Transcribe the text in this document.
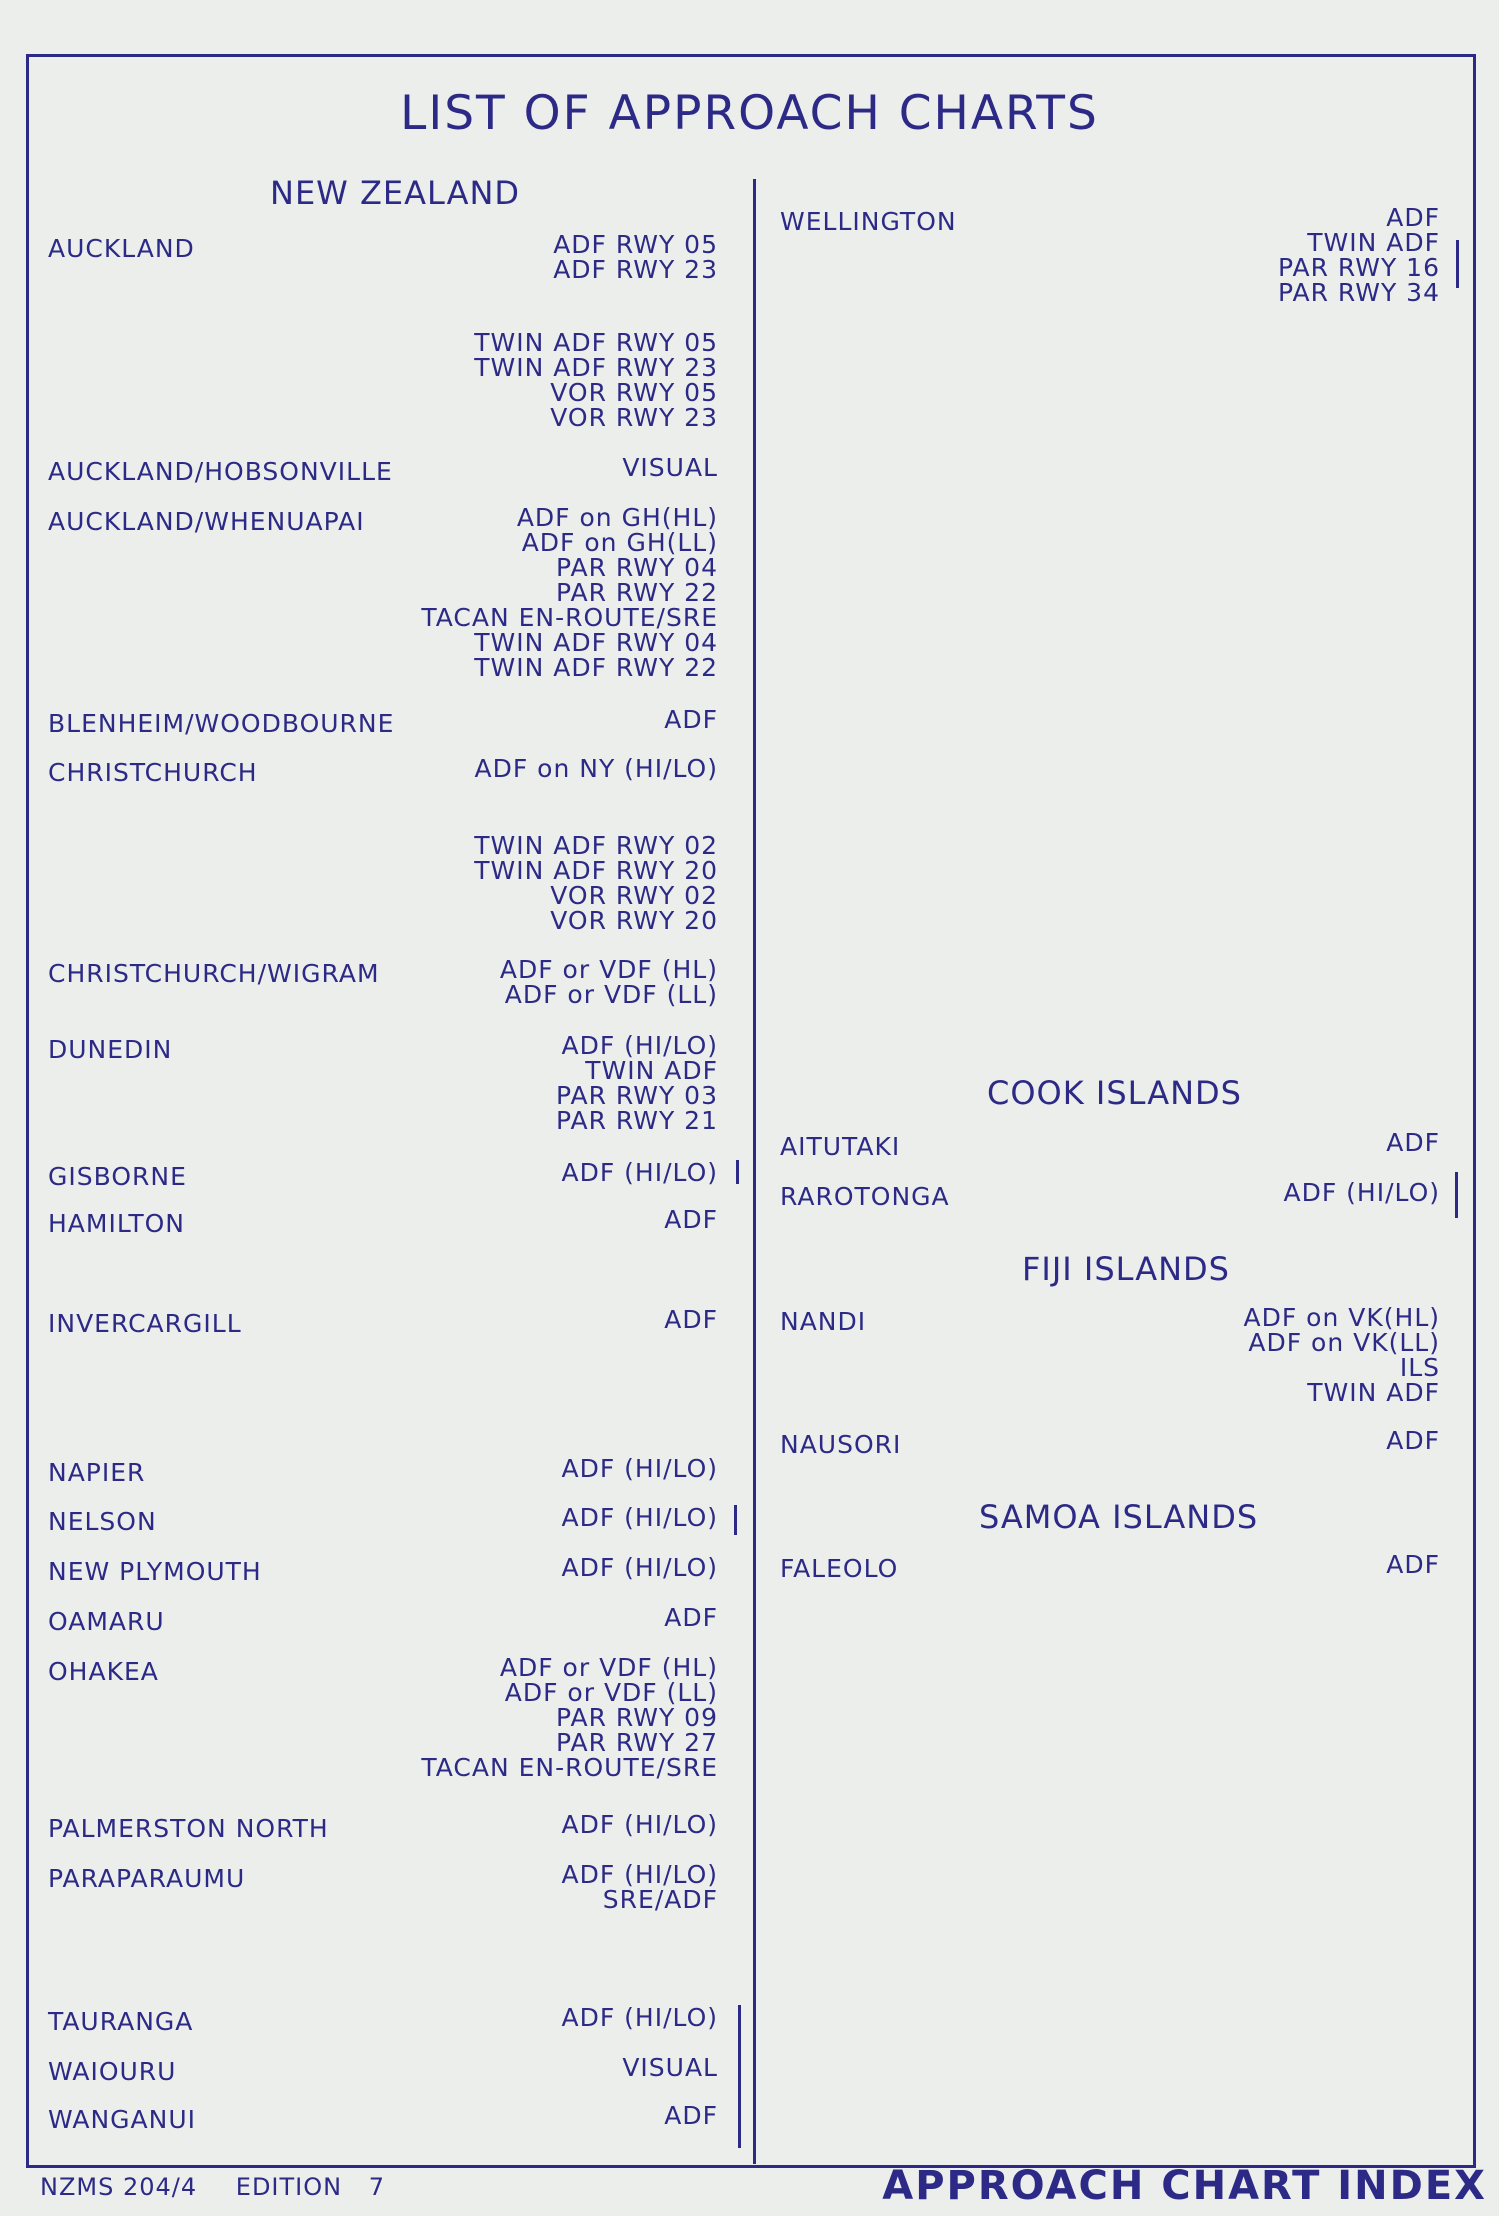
LIST OF APPROACH CHARTS
NEW ZEALAND
COOK ISLANDS
FIJI ISLANDS
SAMOA ISLANDS
AUCKLAND	ADF RWY 05
ADF RWY 23
TWIN ADF RWY 05
TWIN ADF RWY 23
VOR RWY 05
VOR RWY 23
AUCKLAND/HOBSONVILLE	VISUAL
AUCKLAND/WHENUAPAI	ADF on GH(HL)
ADF on GH(LL)
PAR RWY 04
PAR RWY 22
TACAN EN-ROUTE/SRE
TWIN ADF RWY 04
TWIN ADF RWY 22
BLENHEIM/WOODBOURNE	ADF
CHRISTCHURCH	ADF on NY (HI/LO)
TWIN ADF RWY 02
TWIN ADF RWY 20
VOR RWY 02
VOR RWY 20
CHRISTCHURCH/WIGRAM	ADF or VDF (HL)
ADF or VDF (LL)
DUNEDIN	ADF (HI/LO)
TWIN ADF
PAR RWY 03
PAR RWY 21
GISBORNE	ADF (HI/LO)
HAMILTON	ADF
INVERCARGILL	ADF
NAPIER	ADF (HI/LO)
NELSON	ADF (HI/LO)
NEW PLYMOUTH	ADF (HI/LO)
OAMARU	ADF
OHAKEA	ADF or VDF (HL)
ADF or VDF (LL)
PAR RWY 09
PAR RWY 27
TACAN EN-ROUTE/SRE
PALMERSTON NORTH	ADF (HI/LO)
PARAPARAUMU	ADF (HI/LO)
SRE/ADF
TAURANGA	ADF (HI/LO)
WAIOURU	VISUAL
WANGANUI	ADF
WELLINGTON	ADF
TWIN ADF
PAR RWY 16
PAR RWY 34
AITUTAKI	ADF
RAROTONGA	ADF (HI/LO)
NANDI	ADF on VK(HL)
ADF on VK(LL)
ILS
TWIN ADF
NAUSORI	ADF
FALEOLO	ADF
NZMS 204/4 EDITION 7	APPROACH CHART INDEX
